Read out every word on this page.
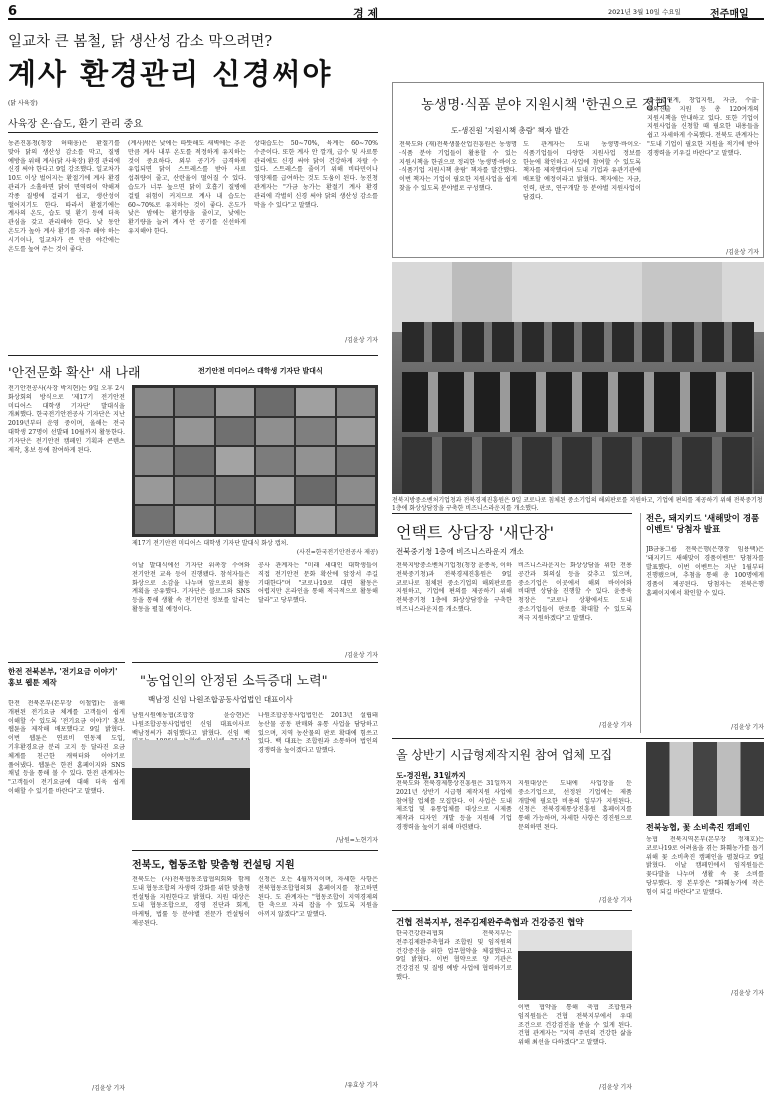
6	경 제	2021년 3월 10일 수요일	전주매일
일교차 큰 봄철, 닭 생산성 감소 막으려면?
계사 환경관리 신경써야
(닭 사육장)
사육장 온·습도, 환기 관리 중요
농촌진흥청(청장 허태웅)은 환절기를 맞아 닭의 생산성 감소를 막고, 질병 예방을 위해 계사(닭 사육장) 환경 관리에 신경 써야 한다고 9일 강조했다. 일교차가 10도 이상 벌어지는 환절기에 계사 환경 관리가 소홀하면 닭이 면역력이 약해져 각종 질병에 걸리기 쉽고, 생산성이 떨어지기도 한다. 따라서 환절기에는 계사의 온도, 습도 및 환기 등에 더욱 관심을 갖고 관리해야 한다. 낮 동안 온도가 높아 계사 환기를 자주 해야 하는 시기이나, 일교차가 큰 만큼 야간에는 온도를 높여 주는 것이 좋다.
(계사)밖은 낮에는 따뜻해도 새벽에는 추운 만큼 계사 내부 온도를 적정하게 유지하는 것이 중요하다. 외부 공기가 급격하게 유입되면 닭이 스트레스를 받아 사료 섭취량이 줄고, 산란율이 떨어질 수 있다. 습도가 너무 높으면 닭이 호흡기 질병에 걸릴 위험이 커지므로 계사 내 습도는 60~70%로 유지하는 것이 좋다. 온도가 낮은 밤에는 환기량을 줄이고, 낮에는 환기량을 늘려 계사 안 공기를 신선하게 유지해야 한다.
상대습도는 50~70%, 육계는 60~70% 수준이다. 또한 계사 안 깔개, 급수 및 사료통 관리에도 신경 써야 닭이 건강하게 자랄 수 있다. 스트레스를 줄이기 위해 비타민이나 영양제를 급여하는 것도 도움이 된다. 농진청 관계자는 "가금 농가는 환절기 계사 환경 관리에 각별히 신경 써야 닭의 생산성 감소를 막을 수 있다"고 말했다.
/김윤상 기자
농생명·식품 분야 지원시책 '한권으로 정리'
도-생진원 '지원시책 총람' 책자 발간
전북도와 (재)전북생물산업진흥원은 농생명·식품 분야 기업들이 활용할 수 있는 지원시책을 한권으로 정리한 '농생명·바이오·식품기업 지원시책 총람' 책자를 발간했다. 이번 책자는 기업이 필요한 지원사업을 쉽게 찾을 수 있도록 분야별로 구성했다.
도 관계자는 도내 농생명·바이오·식품기업들이 다양한 지원사업 정보를 한눈에 확인하고 사업에 참여할 수 있도록 책자를 제작했다며 도내 기업과 유관기관에 배포할 예정이라고 밝혔다. 책자에는 자금, 인력, 판로, 연구개발 등 분야별 지원사업이 담겼다.
생·취업연계, 창업지원, 자금, 수출·해외진출 지원 등 총 120여개의 지원시책을 안내하고 있다. 또한 기업이 지원사업을 신청할 때 필요한 내용들을 쉽고 자세하게 수록했다. 전북도 관계자는 "도내 기업이 필요한 지원을 적기에 받아 경쟁력을 키우길 바란다"고 말했다.
/김윤상 기자
전북지방중소벤처기업청과 전북경제진흥원은 9일 코로나로 침체된 중소기업의 해외판로를 지원하고, 기업에 편의를 제공하기 위해 전북중기청 1층에 화상상담장을 구축한 비즈니스라운지를 개소했다.
'안전문화 확산' 새 나래	전기안전 미디어스 대학생 기자단 발대식
전기안전공사(사장 박지현)는 9일 오후 2시 화상회의 방식으로 '제17기 전기안전 미디어스 대학생 기자단' 발대식을 개최했다. 한국전기안전공사 기자단은 지난 2019년부터 운영 중이며, 올해는 전국 대학생 27명이 선발돼 10월까지 활동한다. 기자단은 전기안전 캠페인 기획과 콘텐츠 제작, 홍보 등에 참여하게 된다.
제17기 전기안전 미디어스 대학생 기자단 발대식 화상 캡처.
(사진=한국전기안전공사 제공)
이날 발대식에선 기자단 위촉장 수여와 전기안전 교육 등이 진행됐다. 참석자들은 화상으로 소감을 나누며 앞으로의 활동 계획을 공유했다. 기자단은 블로그와 SNS 등을 통해 생활 속 전기안전 정보를 알리는 활동을 펼칠 예정이다.
공사 관계자는 "미래 세대인 대학생들이 직접 전기안전 문화 확산에 앞장서 주길 기대한다"며 "코로나19로 대면 활동은 어렵지만 온라인을 통해 적극적으로 활동해 달라"고 당부했다.
/김윤상 기자
언택트 상담장 '새단장'
전북중기청 1층에 비즈니스라운지 개소
전북지방중소벤처기업청(청장 윤종욱, 이하 전북중기청)과 전북경제진흥원은 9일 코로나로 침체된 중소기업의 해외판로를 지원하고, 기업에 편의를 제공하기 위해 전북중기청 1층에 화상상담장을 구축한 비즈니스라운지를 개소했다.
비즈니스라운지는 화상상담을 위한 전용 공간과 회의실 등을 갖추고 있으며, 중소기업은 이곳에서 해외 바이어와 비대면 상담을 진행할 수 있다. 윤종욱 청장은 "코로나 상황에서도 도내 중소기업들이 판로를 확대할 수 있도록 적극 지원하겠다"고 말했다.
/김윤상 기자
전은, 돼지키드 '새해맞이 경품이벤트' 당첨자 발표
JB금융그룹 전북은행(은행장 임용택)은 '돼지키드 새해맞이 경품이벤트' 당첨자를 발표했다. 이번 이벤트는 지난 1월부터 진행됐으며, 추첨을 통해 총 100명에게 경품이 제공된다. 당첨자는 전북은행 홈페이지에서 확인할 수 있다.
/김윤상 기자
한전 전북본부, '전기요금 이야기' 홍보 웹툰 제작
한전 전북본부(본부장 이철엽)는 올해 개편된 전기요금 체계를 고객들이 쉽게 이해할 수 있도록 '전기요금 이야기' 홍보 웹툰을 제작해 배포했다고 9일 밝혔다. 이번 웹툰은 연료비 연동제 도입, 기후환경요금 분리 고지 등 달라진 요금 체계를 친근한 캐릭터와 이야기로 풀어냈다. 웹툰은 한전 홈페이지와 SNS 채널 등을 통해 볼 수 있다. 한전 관계자는 "고객들이 전기요금에 대해 더욱 쉽게 이해할 수 있기를 바란다"고 말했다.
/김윤상 기자
"농업인의 안정된 소득증대 노력"
백남정 신임 나원조합공동사업법인 대표이사
남원시원예농협(조합장 윤승현)은 나원조합공동사업법인 신임 대표이사로 백남정씨가 취임했다고 밝혔다. 신임 백
나원조합공동사업법인은 2013년 설립돼 농산물 공동 판매와 유통 사업을 담당하고 있으며, 지역 농산물의 판로 확대에 힘쓰고 있다. 백 대표는 조합원과 소통하며 법인의 경쟁력을 높이겠다고 말했다.
/남원=노현기자
올 상반기 시급형제작지원 참여 업체 모집
도-경진원, 31일까지
전북도와 전북경제통상진흥원은 31일까지 2021년 상반기 시급형 제작지원 사업에 참여할 업체를 모집한다. 이 사업은 도내 제조업 및 유통업체를 대상으로 시제품 제작과 디자인 개발 등을 지원해 기업 경쟁력을 높이기 위해 마련됐다.
지원대상은 도내에 사업장을 둔 중소기업으로, 선정된 기업에는 제품 개발에 필요한 비용의 일부가 지원된다. 신청은 전북경제통상진흥원 홈페이지를 통해 가능하며, 자세한 사항은 경진원으로 문의하면 된다.
/김윤상 기자
전북농협, 꽃 소비촉진 캠페인
농협 전북지역본부(본부장 정재호)는 코로나19로 어려움을 겪는 화훼농가를 돕기 위해 꽃 소비촉진 캠페인을 펼쳤다고 9일 밝혔다. 이날 캠페인에서 임직원들은 꽃다발을 나누며 생활 속 꽃 소비를 당부했다. 정 본부장은 "화훼농가에 작은 힘이 되길 바란다"고 말했다.
/김윤상 기자
전북도, 협동조합 맞춤형 컨설팅 지원
전북도는 (사)전북협동조합협의회와 함께 도내 협동조합의 자생력 강화를 위한 맞춤형 컨설팅을 지원한다고 밝혔다. 지원 대상은 도내 협동조합으로, 경영 진단과 회계, 마케팅, 법률 등 분야별 전문가 컨설팅이 제공된다.
신청은 오는 4월까지이며, 자세한 사항은 전북협동조합협의회 홈페이지를 참고하면 된다. 도 관계자는 "협동조합이 지역경제의 한 축으로 자리 잡을 수 있도록 지원을 아끼지 않겠다"고 말했다.
/유효상 기자
건협 전북지부, 전주김제완주축협과 건강증진 협약
한국건강관리협회 전북지부는 전주김제완주축협과 조합원 및 임직원의 건강증진을 위한 업무협약을 체결했다고 9일 밝혔다. 이번 협약으로 양 기관은 건강검진 및 질병 예방 사업에 협력하기로 했다.
이번 협약을 통해 축협 조합원과 임직원들은 건협 전북지부에서 우대 조건으로 건강검진을 받을 수 있게 된다. 건협 관계자는 "지역 주민의 건강한 삶을 위해 최선을 다하겠다"고 말했다.
/김윤상 기자
